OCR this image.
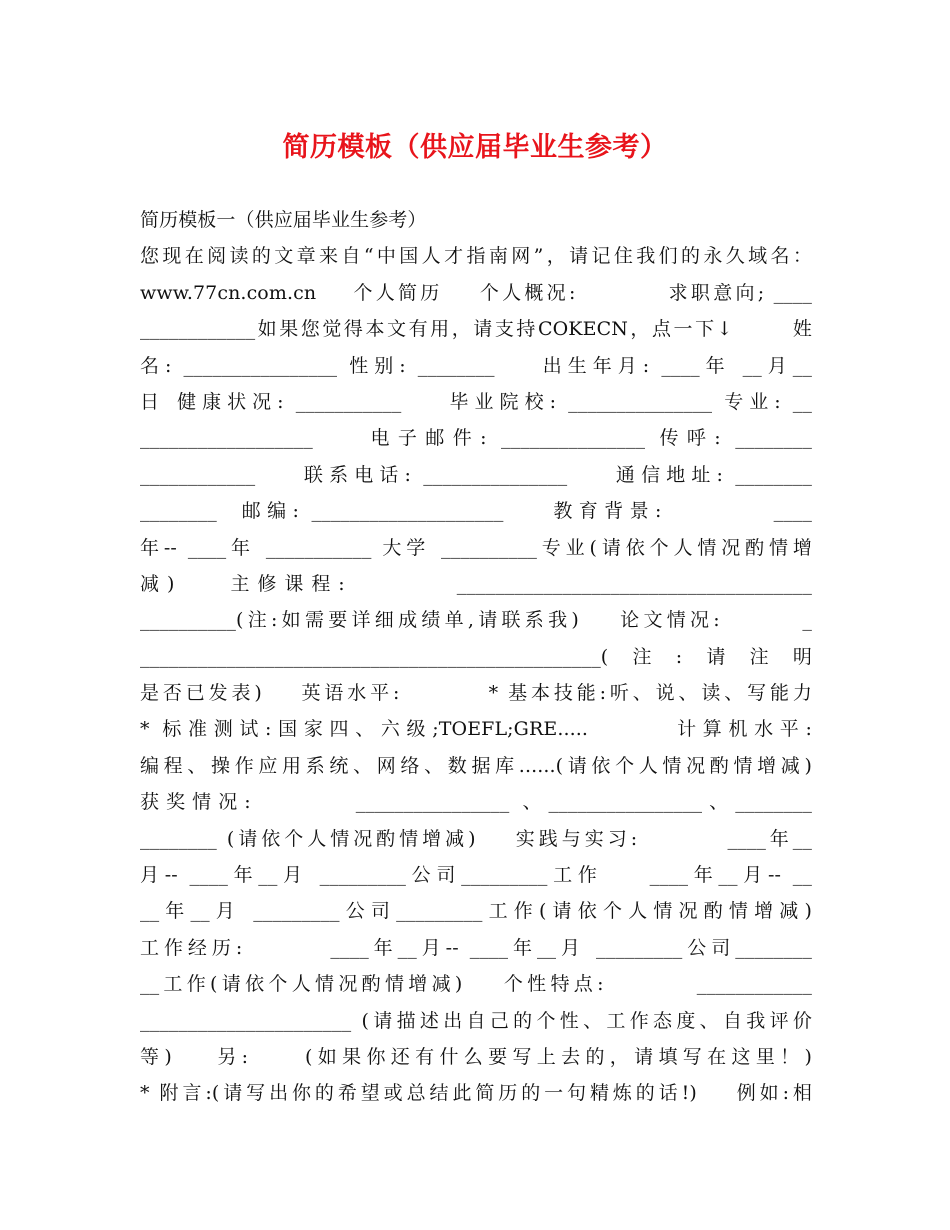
简历模板（供应届毕业生参考）
简历模板一（供应届毕业生参考）
您现在阅读的文章来自“中国人才指南网”，请记住我们的永久域名：
www.77cn.com.cn    个人简历    个人概况:          求职意向; ____
____________如果您觉得本文有用，请支持COKECN，点一下↓       姓
名: ________________ 性别: ________    出生年月: ____年 __月__
日 健康状况: ___________    毕业院校: _______________ 专业: __
__________________    电子邮件: _______________ 传呼: ________
____________    联系电话: _______________    通信地址: ________
________  邮编: ____________________    教育背景:         ____
年-- ____年 ___________ 大学 __________专业(请依个人情况酌情增
减)    主修课程:        _____________________________________
__________(注:如需要详细成绩单,请联系我)    论文情况:        _
________________________________________________(注:请注明
是否已发表)    英语水平:         * 基本技能:听、说、读、写能力
* 标准测试:国家四、六级;TOEFL;GRE.....       计算机水平:
编程、操作应用系统、网络、数据库......(请依个人情况酌情增减)
获奖情况:        ________________ 、________________、________
________ (请依个人情况酌情增减)    实践与实习:         ____年__
月-- ____年__月 _________公司_________工作    ____年__月-- __
__年__月 _________公司_________工作(请依个人情况酌情增减)
工作经历:        ____年__月-- ____年__月 _________公司________
__工作(请依个人情况酌情增减)    个性特点:         ____________
______________________ (请描述出自己的个性、工作态度、自我评价
等)    另:     (如果你还有什么要写上去的，请填写在这里！)
* 附言:(请写出你的希望或总结此简历的一句精炼的话!)    例如:相
